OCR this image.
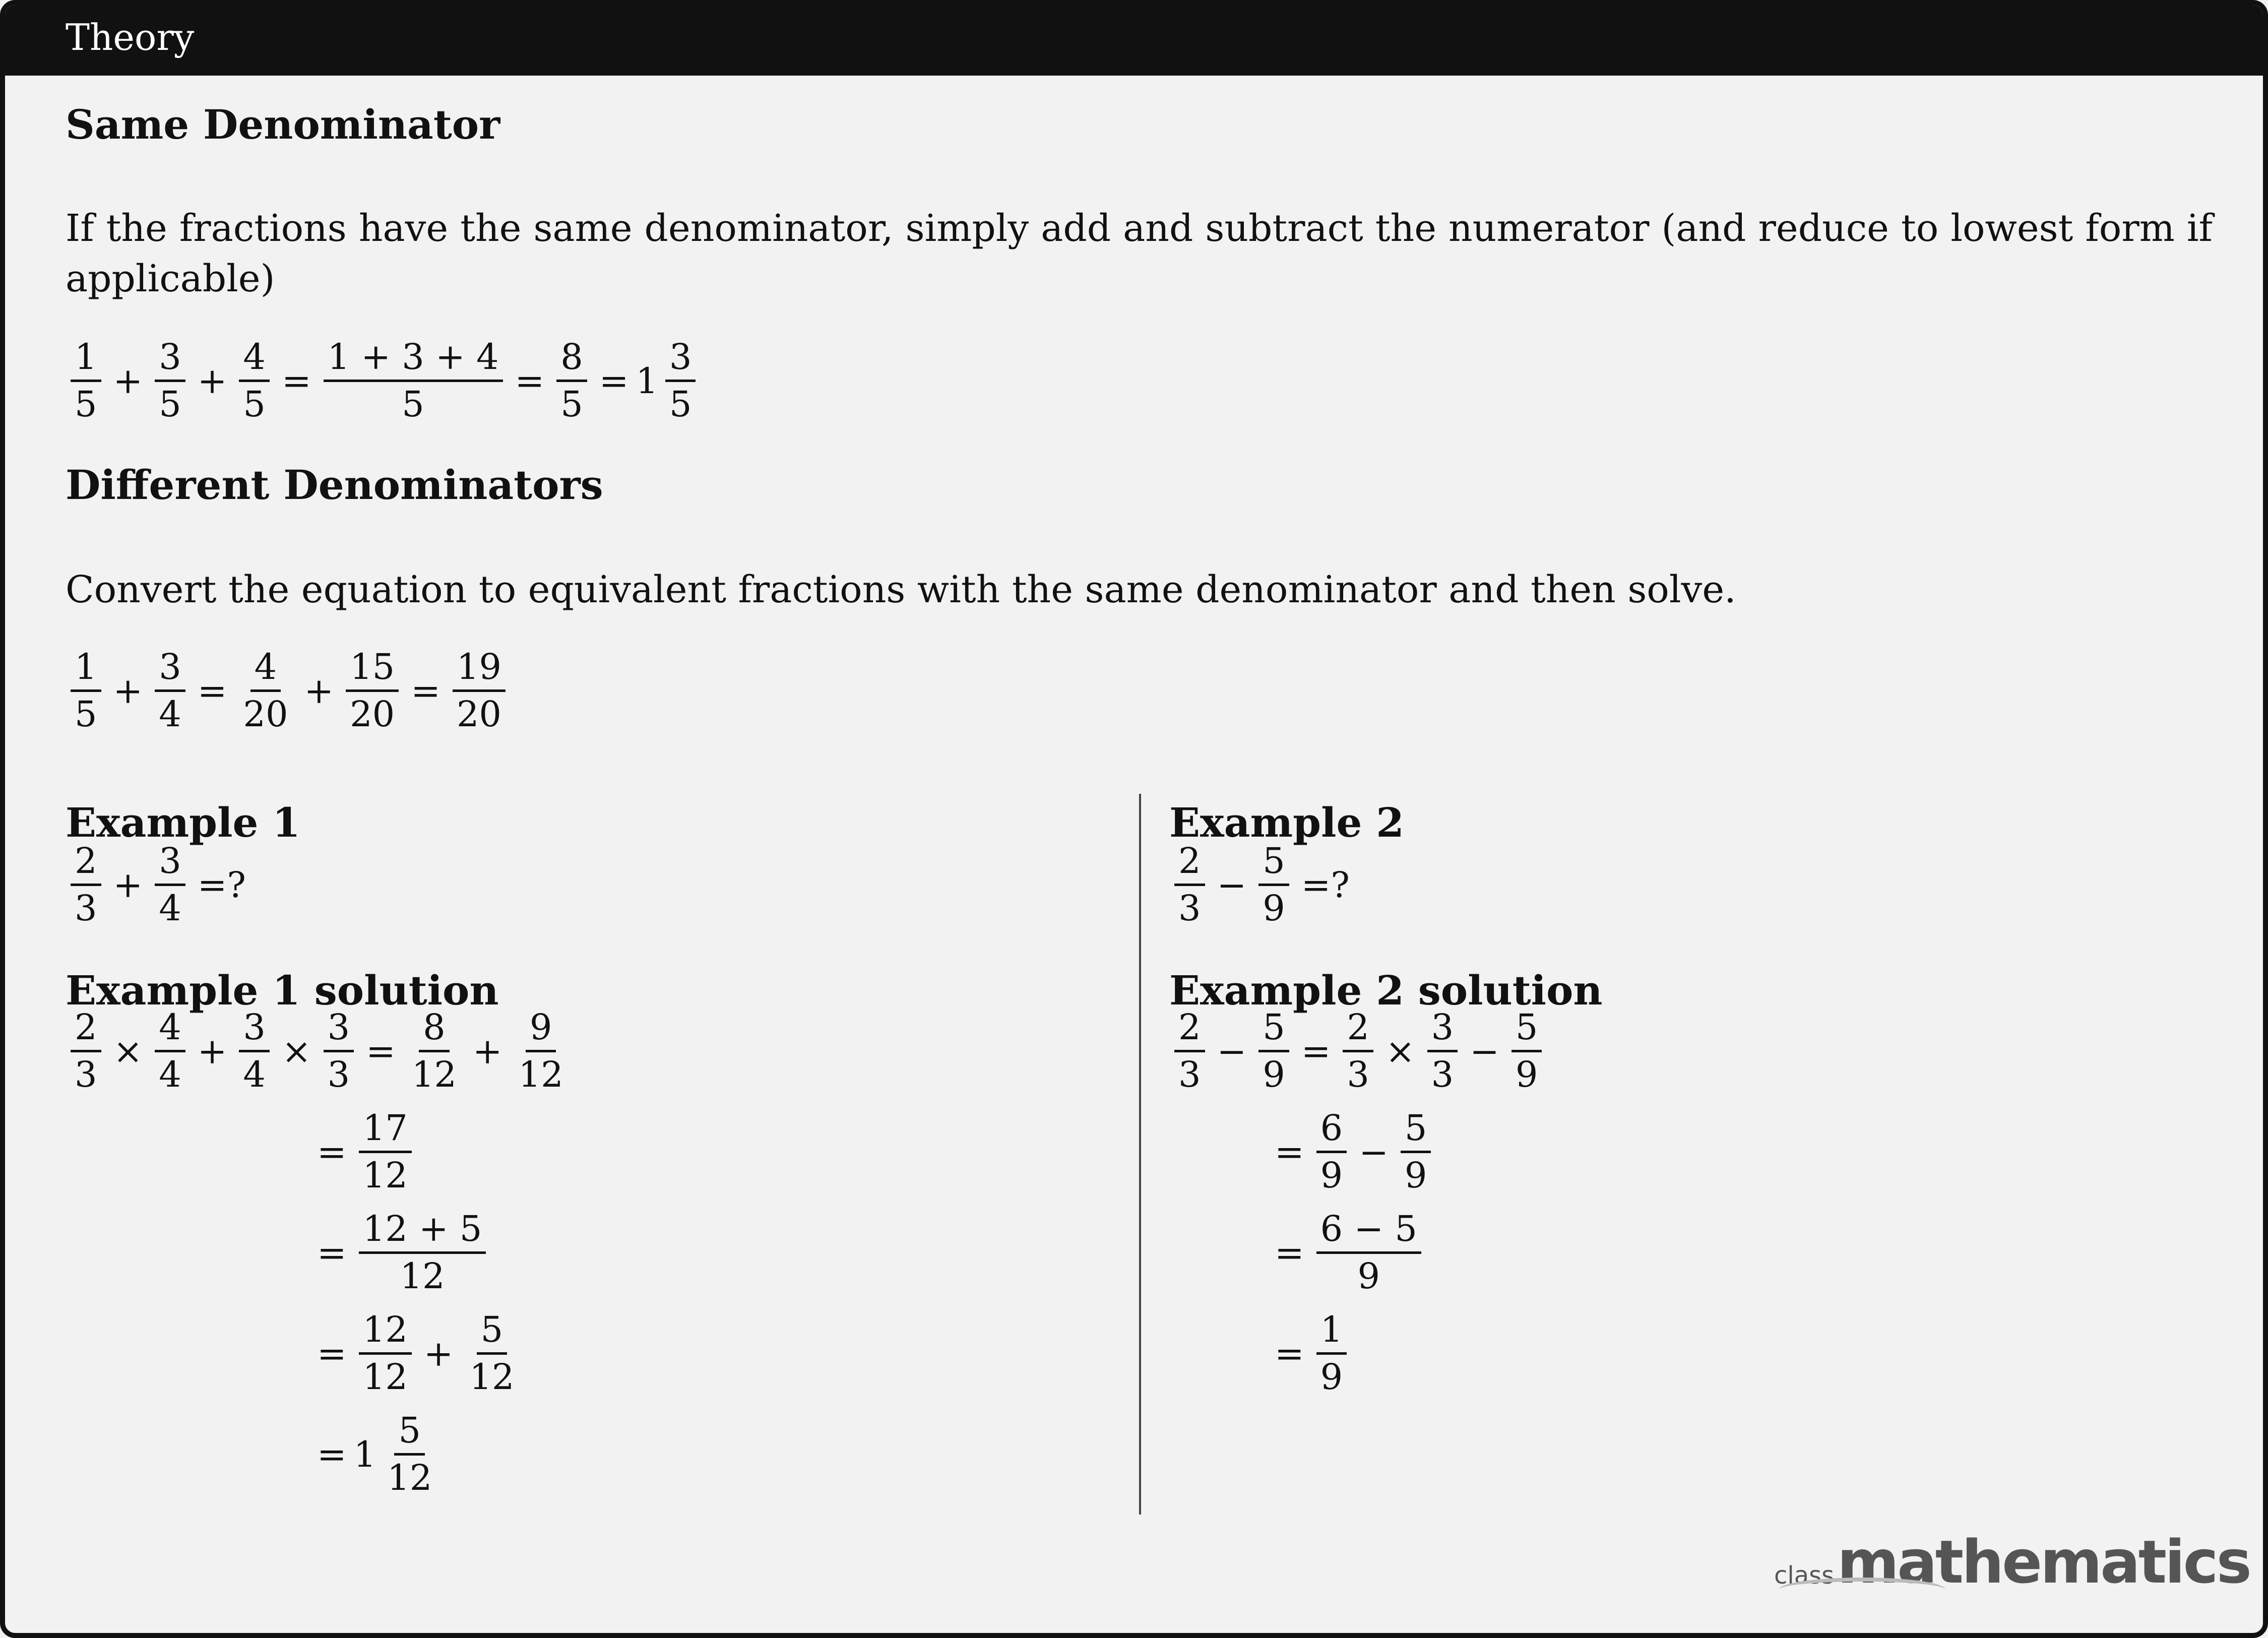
Theory
Same Denominator
If the fractions have the same denominator, simply add and subtract the numerator (and reduce to lowest form if applicable)
$\frac{1}{5} + \frac{3}{5} + \frac{4}{5} = \frac{1 + 3 + 4}{5} = \frac{8}{5} = 1 \frac{3}{5}$
Different Denominators
Convert the equation to equivalent fractions with the same denominator and then solve.
$\frac{1}{5} + \frac{3}{4} = \frac{4}{20} + \frac{15}{20} = \frac{19}{20}$
Example 1
$\frac{2}{3} + \frac{3}{4}$ =?
Example 1 solution
$\frac{2}{3} \times \frac{4}{4} + \frac{3}{4} \times \frac{3}{3} = \frac{8}{12} + \frac{9}{12}$
= $\frac{17}{12}$
= $\frac{12 + 5}{12}$
= $\frac{12}{12} + \frac{5}{12}$
= $1 \frac{5}{12}$
Example 2
$\frac{2}{3} - \frac{5}{9}$ =?
Example 2 solution
$\frac{2}{3} - \frac{5}{9} = \frac{2}{3} \times \frac{3}{3} - \frac{5}{9}$
= $\frac{6}{9} - \frac{5}{9}$
= $\frac{6 - 5}{9}$
= $\frac{1}{9}$
class mathematics
